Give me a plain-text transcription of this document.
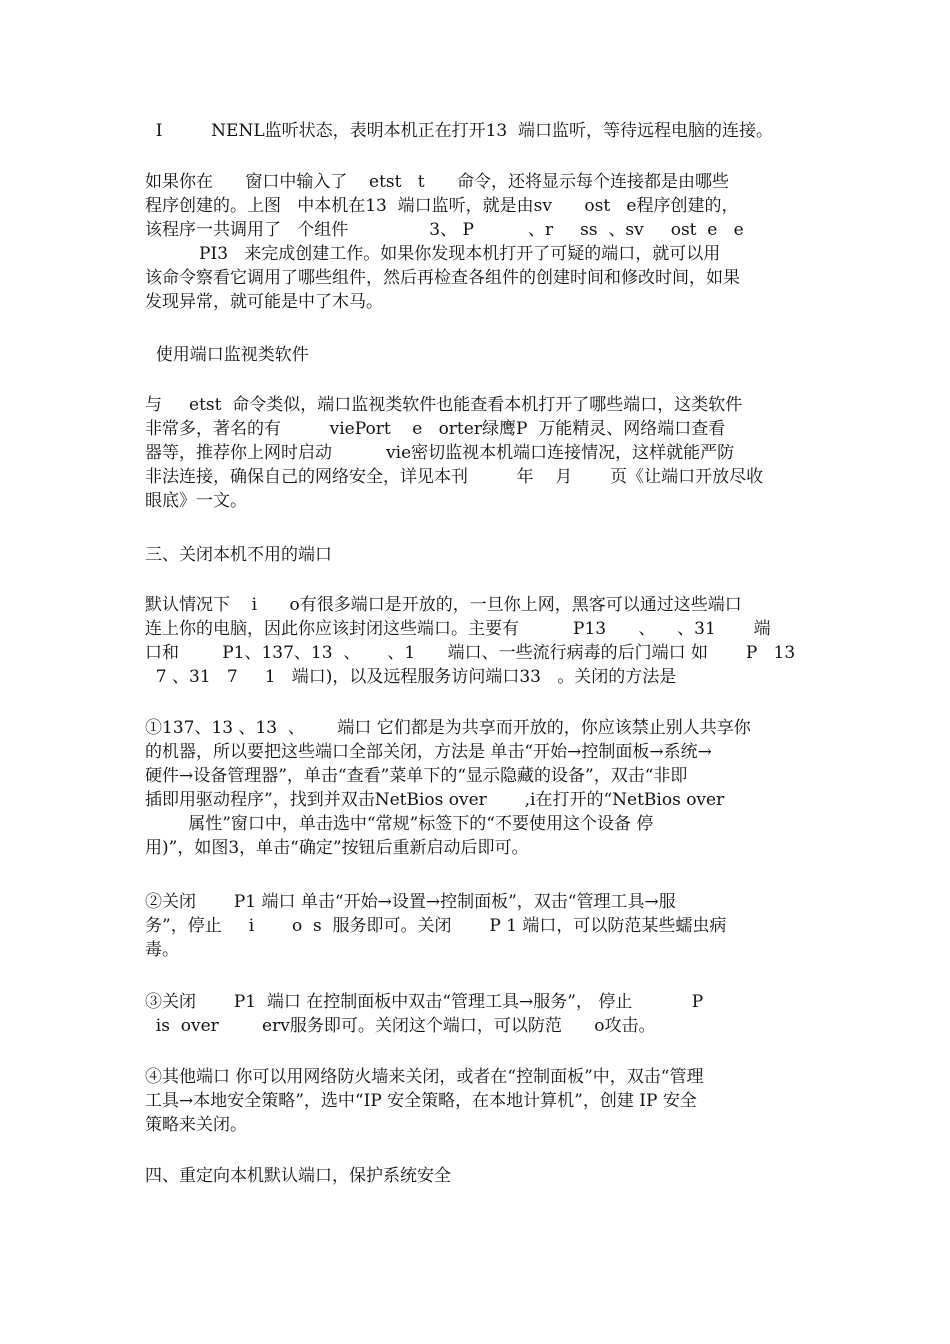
I         NENL监听状态，表明本机正在打开13  端口监听，等待远程电脑的连接。
如果你在      窗口中输入了    etst   t      命令，还将显示每个连接都是由哪些
程序创建的。上图   中本机在13  端口监听，就是由sv      ost   e程序创建的，
该程序一共调用了   个组件               3、 P          、r     ss  、sv     ost  e   e
PI3   来完成创建工作。如果你发现本机打开了可疑的端口，就可以用
该命令察看它调用了哪些组件，然后再检查各组件的创建时间和修改时间，如果
发现异常，就可能是中了木马。
使用端口监视类软件
与     etst  命令类似，端口监视类软件也能查看本机打开了哪些端口，这类软件
非常多，著名的有         viePort    e   orter绿鹰P  万能精灵、网络端口查看
器等，推荐你上网时启动          vie密切监视本机端口连接情况，这样就能严防
非法连接，确保自己的网络安全，详见本刊         年    月       页《让端口开放尽收
眼底》一文。
三、关闭本机不用的端口
默认情况下    i      o有很多端口是开放的，一旦你上网，黑客可以通过这些端口
连上你的电脑，因此你应该封闭这些端口。主要有          P13      、    、31       端
口和        P1、137、13  、     、1      端口、一些流行病毒的后门端口 如       P   13
7 、31   7     1   端口)，以及远程服务访问端口33   。关闭的方法是
①137、13 、13  、      端口 它们都是为共享而开放的，你应该禁止别人共享你
的机器，所以要把这些端口全部关闭，方法是 单击“开始→控制面板→系统→
硬件→设备管理器”，单击“查看”菜单下的“显示隐藏的设备”，双击“非即
插即用驱动程序”，找到并双击NetBios over       ,i在打开的“NetBios over
属性”窗口中，单击选中“常规”标签下的“不要使用这个设备 停
用)”，如图3，单击“确定”按钮后重新启动后即可。
②关闭       P1 端口 单击“开始→设置→控制面板”，双击“管理工具→服
务”，停止     i       o  s  服务即可。关闭       P 1 端口，可以防范某些蠕虫病
毒。
③关闭       P1  端口 在控制面板中双击“管理工具→服务”， 停止           P
is  over        erv服务即可。关闭这个端口，可以防范      o攻击。
④其他端口 你可以用网络防火墙来关闭，或者在“控制面板”中，双击“管理
工具→本地安全策略”，选中“IP 安全策略，在本地计算机”，创建 IP 安全
策略来关闭。
四、重定向本机默认端口，保护系统安全
